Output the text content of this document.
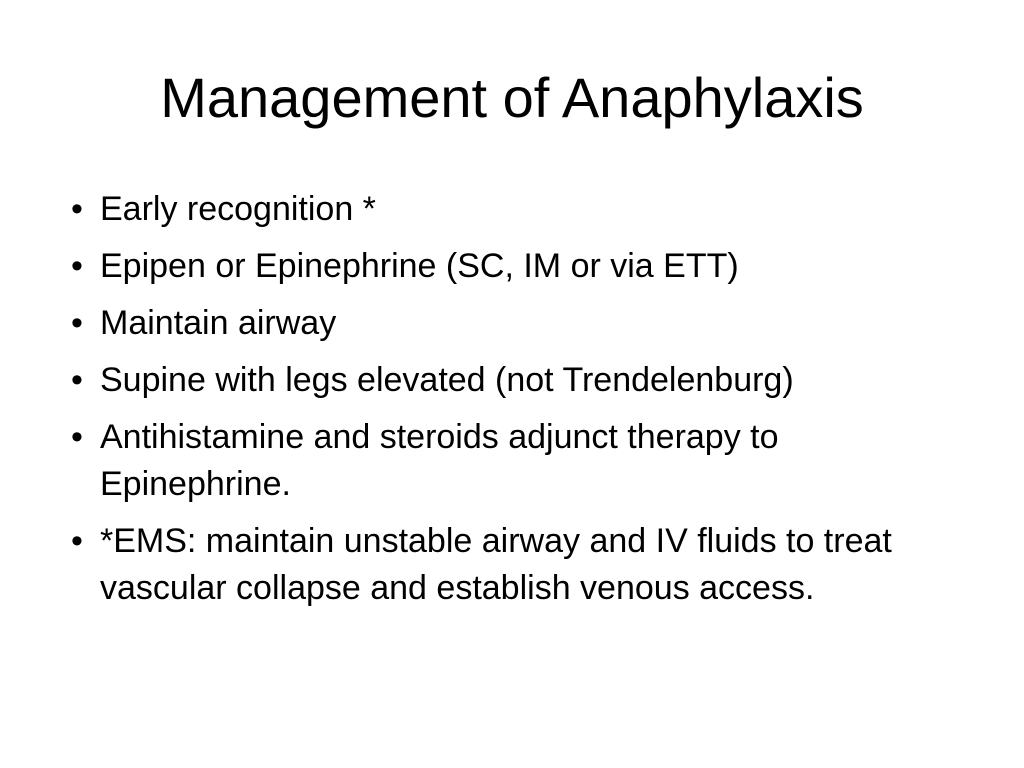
Management of Anaphylaxis
• Early recognition *
• Epipen or Epinephrine (SC, IM or via ETT)
• Maintain airway
• Supine with legs elevated (not Trendelenburg)
• Antihistamine and steroids adjunct therapy to Epinephrine.
• *EMS: maintain unstable airway and IV fluids to treat vascular collapse and establish venous access.
